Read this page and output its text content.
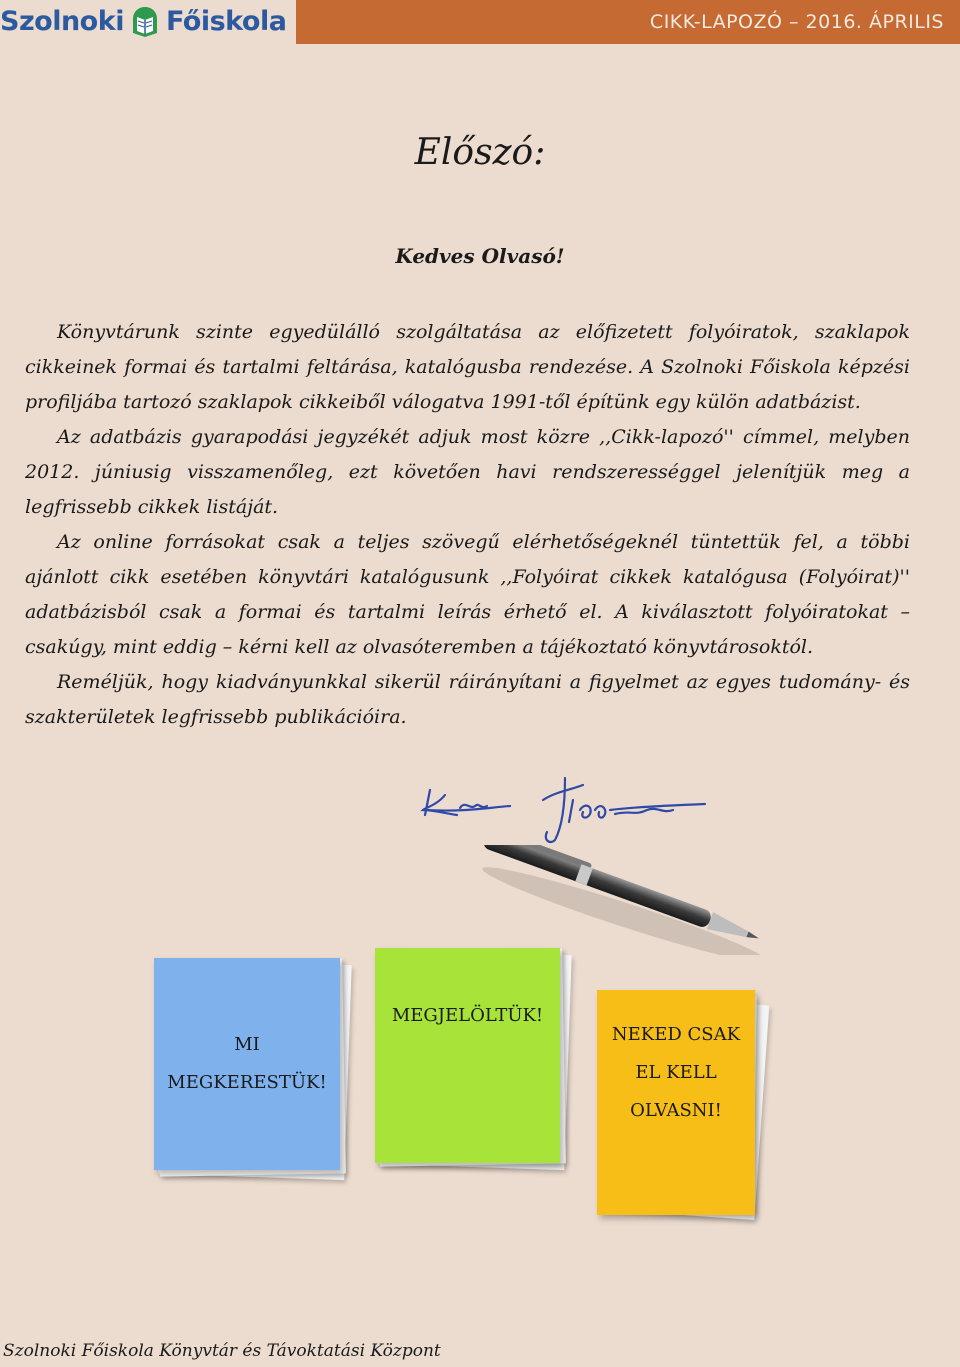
Szolnoki Főiskola	CIKK-LAPOZÓ – 2016. ÁPRILIS
Előszó:
Kedves Olvasó!

Könyvtárunk szinte egyedülálló szolgáltatása az előfizetett folyóiratok, szaklapok cikkeinek formai és tartalmi feltárása, katalógusba rendezése. A Szolnoki Főiskola képzési profiljába tartozó szaklapok cikkeiből válogatva 1991-től építünk egy külön adatbázist.

Az adatbázis gyarapodási jegyzékét adjuk most közre ,,Cikk-lapozó'' címmel, melyben 2012. júniusig visszamenőleg, ezt követően havi rendszerességgel jelenítjük meg a legfrissebb cikkek listáját.

Az online forrásokat csak a teljes szövegű elérhetőségeknél tüntettük fel, a többi ajánlott cikk esetében könyvtári katalógusunk ,,Folyóirat cikkek katalógusa (Folyóirat)'' adatbázisból csak a formai és tartalmi leírás érhető el. A kiválasztott folyóiratokat – csakúgy, mint eddig – kérni kell az olvasóteremben a tájékoztató könyvtárosoktól.

Reméljük, hogy kiadványunkkal sikerül ráirányítani a figyelmet az egyes tudomány- és szakterületek legfrissebb publikációira.

MI MEGKERESTÜK!
MEGJELÖLTÜK!
NEKED CSAK EL KELL OLVASNI!
Szolnoki Főiskola Könyvtár és Távoktatási Központ
